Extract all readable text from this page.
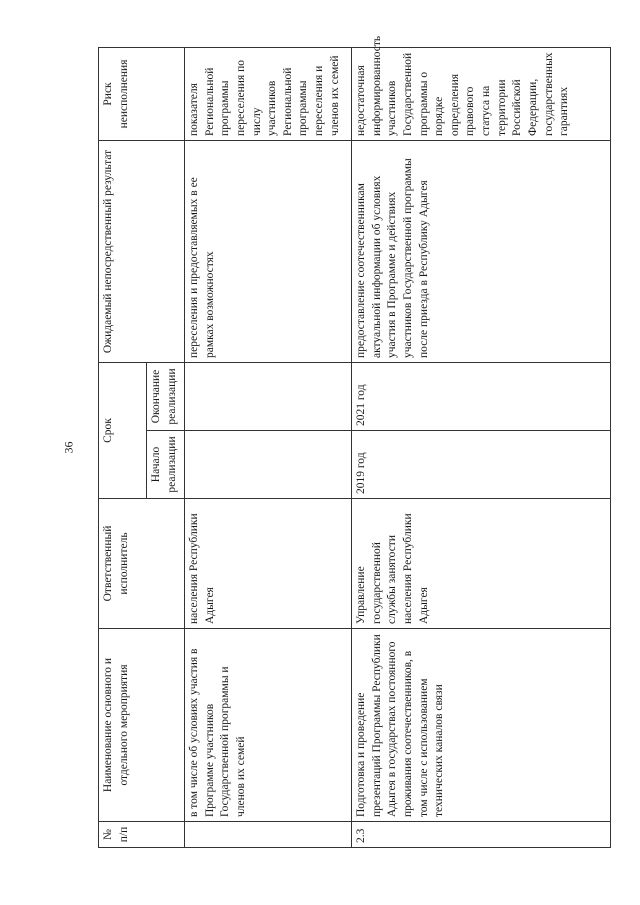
36
№ п/п	Наименование основного и отдельного мероприятия	Ответственный исполнитель	Срок		Ожидаемый непосредственный результат	Риск неисполнения
			Начало реализации	Окончание реализации		
	в том числе об условиях участия в Программе участников Государственной программы и членов их семей	населения Республики Адыгея			переселения и предоставляемых в ее рамках возможностях	показателя Региональной программы переселения по числу участников Региональной программы переселения и членов их семей
2.3	Подготовка и проведение презентаций Программы Республики Адыгея в государствах постоянного проживания соотечественников, в том числе с использованием технических каналов связи	Управление государственной службы занятости населения Республики Адыгея	2019 год	2021 год	предоставление соотечественникам актуальной информации об условиях участия в Программе и действиях участников Государственной программы после приезда в Республику Адыгея	недостаточная информированность участников Государственной программы о порядке определения правового статуса на территории Российской Федерации, государственных гарантиях
